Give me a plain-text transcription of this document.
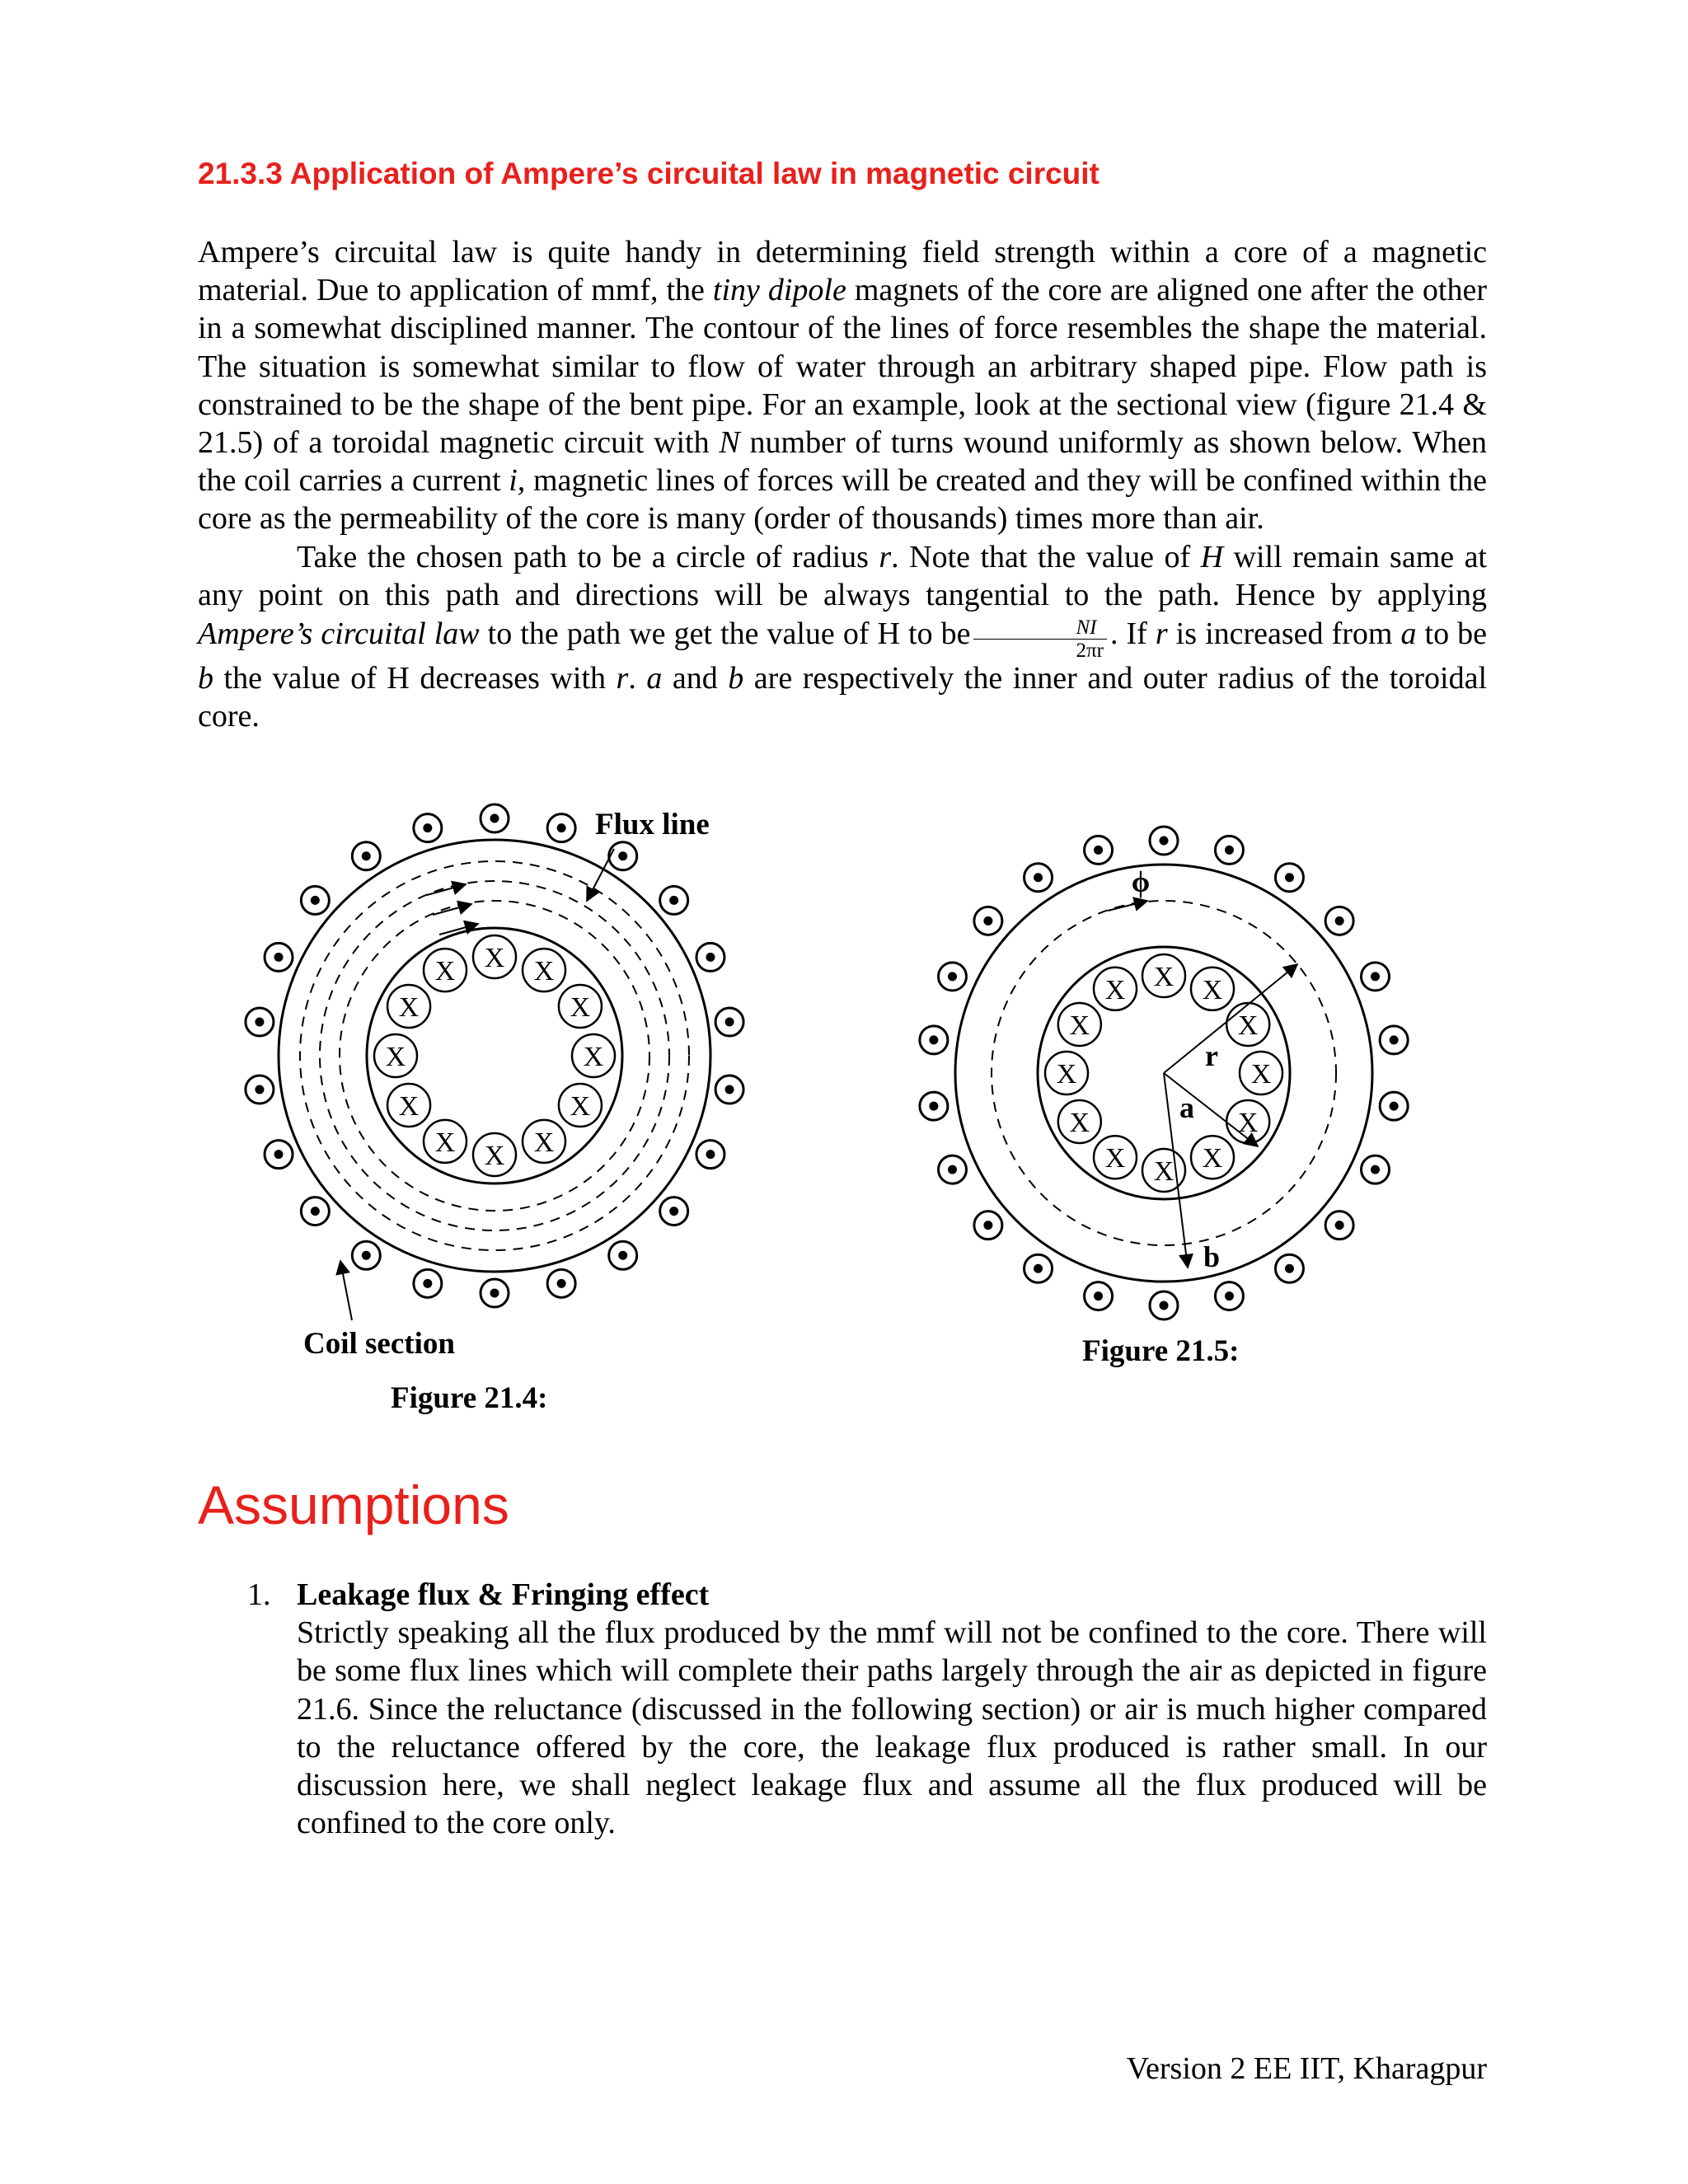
21.3.3 Application of Ampere’s circuital law in magnetic circuit

Ampere’s circuital law is quite handy in determining field strength within a core of a magnetic material. Due to application of mmf, the tiny dipole magnets of the core are aligned one after the other in a somewhat disciplined manner. The contour of the lines of force resembles the shape the material. The situation is somewhat similar to flow of water through an arbitrary shaped pipe. Flow path is constrained to be the shape of the bent pipe. For an example, look at the sectional view (figure 21.4 & 21.5) of a toroidal magnetic circuit with N number of turns wound uniformly as shown below. When the coil carries a current i, magnetic lines of forces will be created and they will be confined within the core as the permeability of the core is many (order of thousands) times more than air.

Take the chosen path to be a circle of radius r. Note that the value of H will remain same at any point on this path and directions will be always tangential to the path. Hence by applying Ampere’s circuital law to the path we get the value of H to be $\frac{NI}{2\pi r}$ . If r is increased from a to be b the value of H decreases with r. a and b are respectively the inner and outer radius of the toroidal core.

X X
X
X
X
X
X
X
X
X
X
X
Flux line
Coil section
Figure 21.4:
X X
X
X
X
X
X
X
X
X
X
X
ϕ
r
a
b
Figure 21.5:
Assumptions
1. Leakage flux & Fringing effect
Strictly speaking all the flux produced by the mmf will not be confined to the core. There will be some flux lines which will complete their paths largely through the air as depicted in figure 21.6. Since the reluctance (discussed in the following section) or air is much higher compared to the reluctance offered by the core, the leakage flux produced is rather small. In our discussion here, we shall neglect leakage flux and assume all the flux produced will be confined to the core only.
Version 2 EE IIT, Kharagpur
